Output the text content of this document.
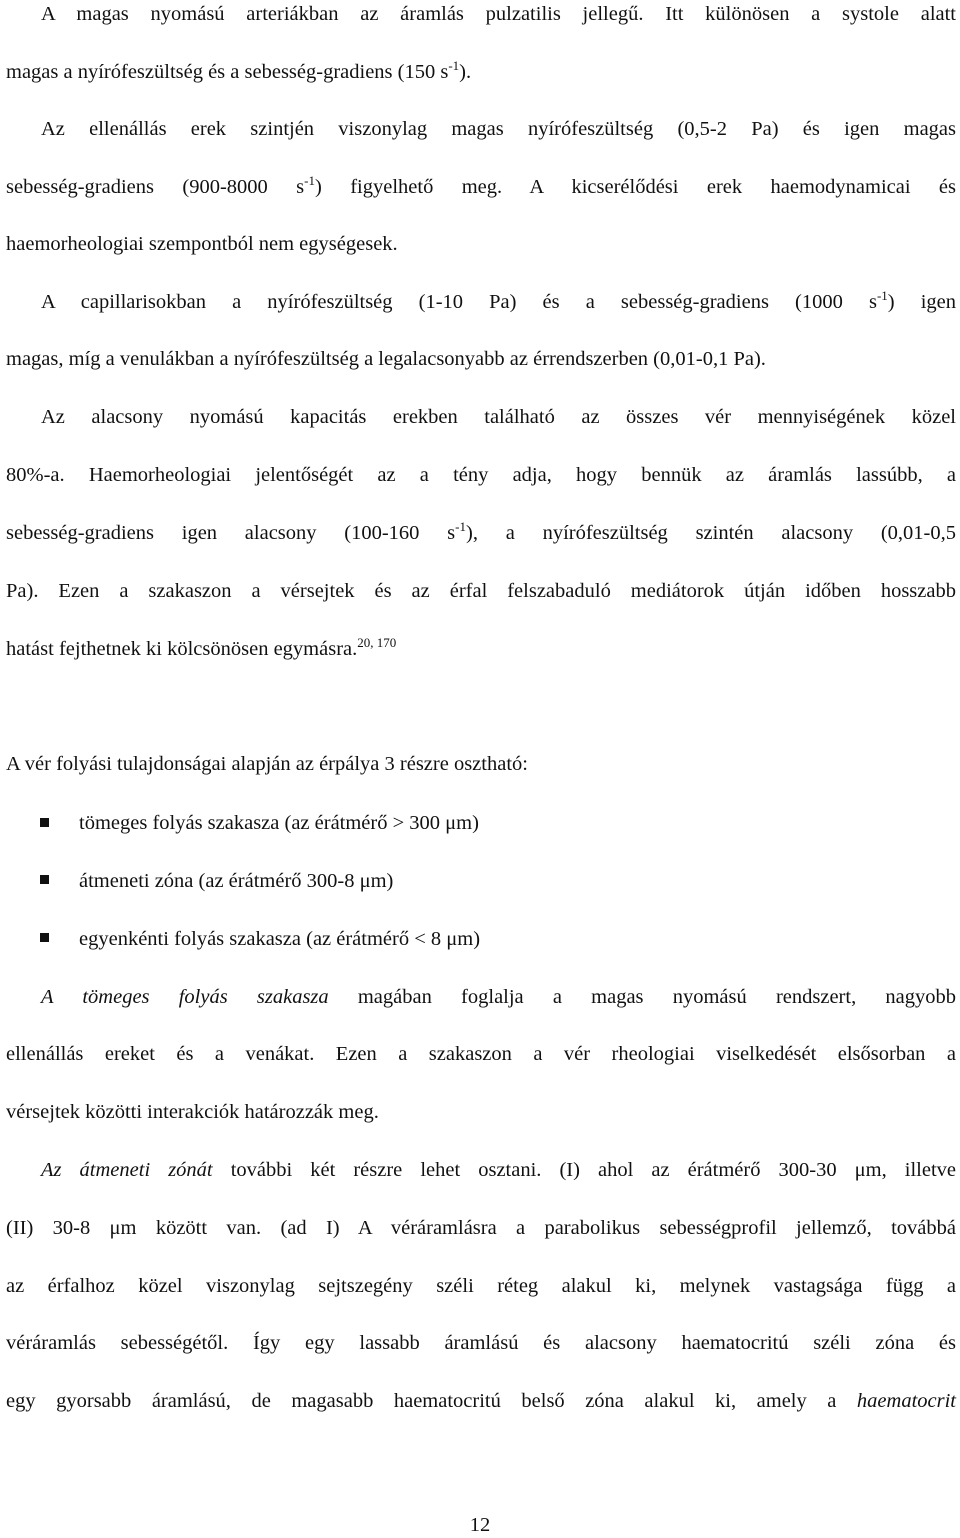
A magas nyomású arteriákban az áramlás pulzatilis jellegű. Itt különösen a systole alatt
magas a nyírófeszültség és a sebesség-gradiens (150 $s^{-1}$).
Az ellenállás erek szintjén viszonylag magas nyírófeszültség (0,5-2 Pa) és igen magas
sebesség-gradiens (900-8000 $s^{-1}$) figyelhető meg. A kicserélődési erek haemodynamicai és
haemorheologiai szempontból nem egységesek.
A capillarisokban a nyírófeszültség (1-10 Pa) és a sebesség-gradiens (1000 $s^{-1}$) igen
magas, míg a venulákban a nyírófeszültség a legalacsonyabb az érrendszerben (0,01-0,1 Pa).
Az alacsony nyomású kapacitás erekben található az összes vér mennyiségének közel
80%-a. Haemorheologiai jelentőségét az a tény adja, hogy bennük az áramlás lassúbb, a
sebesség-gradiens igen alacsony (100-160 $s^{-1}$), a nyírófeszültség szintén alacsony (0,01-0,5
Pa). Ezen a szakaszon a vérsejtek és az érfal felszabaduló mediátorok útján időben hosszabb
hatást fejthetnek ki kölcsönösen egymásra.$^{20, 170}$
A vér folyási tulajdonságai alapján az érpálya 3 részre osztható:
tömeges folyás szakasza (az érátmérő > 300 μm)
átmeneti zóna (az érátmérő 300-8 μm)
egyenkénti folyás szakasza (az érátmérő < 8 μm)
A tömeges folyás szakasza magában foglalja a magas nyomású rendszert, nagyobb
ellenállás ereket és a venákat. Ezen a szakaszon a vér rheologiai viselkedését elsősorban a
vérsejtek közötti interakciók határozzák meg.
Az átmeneti zónát további két részre lehet osztani. (I) ahol az érátmérő 300-30 μm, illetve
(II) 30-8 μm között van. (ad I) A véráramlásra a parabolikus sebességprofil jellemző, továbbá
az érfalhoz közel viszonylag sejtszegény széli réteg alakul ki, melynek vastagsága függ a
véráramlás sebességétől. Így egy lassabb áramlású és alacsony haematocritú széli zóna és
egy gyorsabb áramlású, de magasabb haematocritú belső zóna alakul ki, amely a haematocrit
12
